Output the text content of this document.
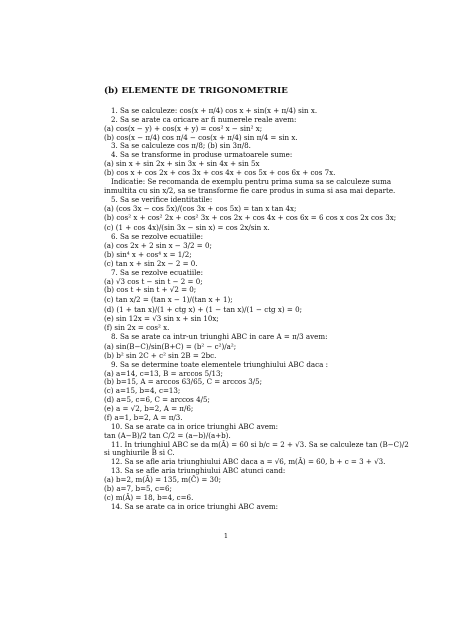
(b) ELEMENTE DE TRIGONOMETRIE
1. Sa se calculeze: cos(x + π/4) cos x + sin(x + π/4) sin x.
2. Sa se arate ca oricare ar fi numerele reale avem:
(a) cos(x − y) + cos(x + y) = cos² x − sin² x;
(b) cos(x − π/4) cos π/4 − cos(x + π/4) sin π/4 = sin x.
3. Sa se calculeze cos π/8; (b) sin 3π/8.
4. Sa se transforme in produse urmatoarele sume:
(a) sin x + sin 2x + sin 3x + sin 4x + sin 5x
(b) cos x + cos 2x + cos 3x + cos 4x + cos 5x + cos 6x + cos 7x.
Indicatie: Se recomanda de exemplu pentru prima suma sa se calculeze suma
inmultita cu sin x/2, sa se transforme fie care produs in suma si asa mai departe.
5. Sa se verifice identitatile:
(a) (cos 3x − cos 5x)/(cos 3x + cos 5x) = tan x tan 4x;
(b) cos² x + cos² 2x + cos² 3x + cos 2x + cos 4x + cos 6x = 6 cos x cos 2x cos 3x;
(c) (1 + cos 4x)/(sin 3x − sin x) = cos 2x/sin x.
6. Sa se rezolve ecuatiile:
(a) cos 2x + 2 sin x − 3/2 = 0;
(b) sin⁴ x + cos⁴ x = 1/2;
(c) tan x + sin 2x − 2 = 0.
7. Sa se rezolve ecuatiile:
(a) √3 cos t − sin t − 2 = 0;
(b) cos t + sin t + √2 = 0;
(c) tan x/2 = (tan x − 1)/(tan x + 1);
(d) (1 + tan x)/(1 + ctg x) + (1 − tan x)/(1 − ctg x) = 0;
(e) sin 12x = √3 sin x + sin 10x;
(f) sin 2x = cos² x.
8. Sa se arate ca intr-un triunghi ABC in care A = π/3 avem:
(a) sin(B−C)/sin(B+C) = (b² − c²)/a²;
(b) b² sin 2C + c² sin 2B = 2bc.
9. Sa se determine toate elementele triunghiului ABC daca :
(a) a=14, c=13, B = arccos 5/13;
(b) b=15, A = arccos 63/65, C = arccos 3/5;
(c) a=15, b=4, c=13;
(d) a=5, c=6, C = arccos 4/5;
(e) a = √2, b=2, A = π/6;
(f) a=1, b=2, A = π/3.
10. Sa se arate ca in orice triunghi ABC avem:
tan (A−B)/2 tan C/2 = (a−b)/(a+b).
11. In triunghiul ABC se da m(Â) = 60 si b/c = 2 + √3. Sa se calculeze tan (B−C)/2
si unghiurile B si C.
12. Sa se afle aria triunghiului ABC daca a = √6, m(Â) = 60, b + c = 3 + √3.
13. Sa se afle aria triunghiului ABC atunci cand:
(a) b=2, m(Â) = 135, m(Ĉ) = 30;
(b) a=7, b=5, c=6;
(c) m(Â) = 18, b=4, c=6.
14. Sa se arate ca in orice triunghi ABC avem:
1
